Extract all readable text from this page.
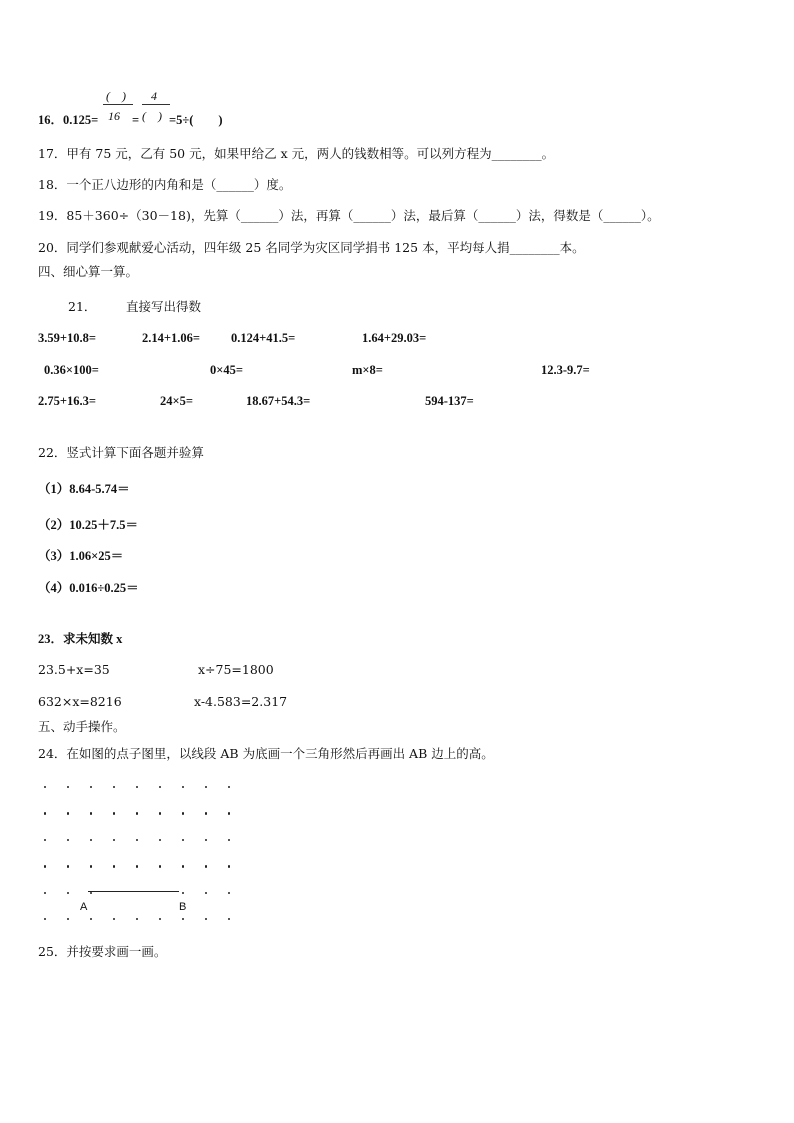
(　)
16
4
(　)
16．0.125=	= =5÷(　　)
17．甲有 75 元，乙有 50 元，如果甲给乙 x 元，两人的钱数相等。可以列方程为________。
18．一个正八边形的内角和是（______）度。
19．85＋360÷（30－18)，先算（______）法，再算（______）法，最后算（______）法，得数是（______）。
20．同学们参观献爱心活动，四年级 25 名同学为灾区同学捐书 125 本，平均每人捐________本。
四、细心算一算。
21． 直接写出得数
3.59+10.8=	2.14+1.06= 0.124+41.5=	1.64+29.03=
0.36×100=	0×45=	m×8=	12.3-9.7=
2.75+16.3=	24×5=	18.67+54.3=	594-137=
22．竖式计算下面各题并验算
（1）8.64-5.74＝
（2）10.25＋7.5＝
（3）1.06×25＝
（4）0.016÷0.25＝
23．求未知数 x
23.5+x=35	x÷75=1800
632×x=8216	x-4.583=2.317
五、动手操作。
24．在如图的点子图里，以线段 AB 为底画一个三角形然后再画出 AB 边上的高。
A	B
25．并按要求画一画。
